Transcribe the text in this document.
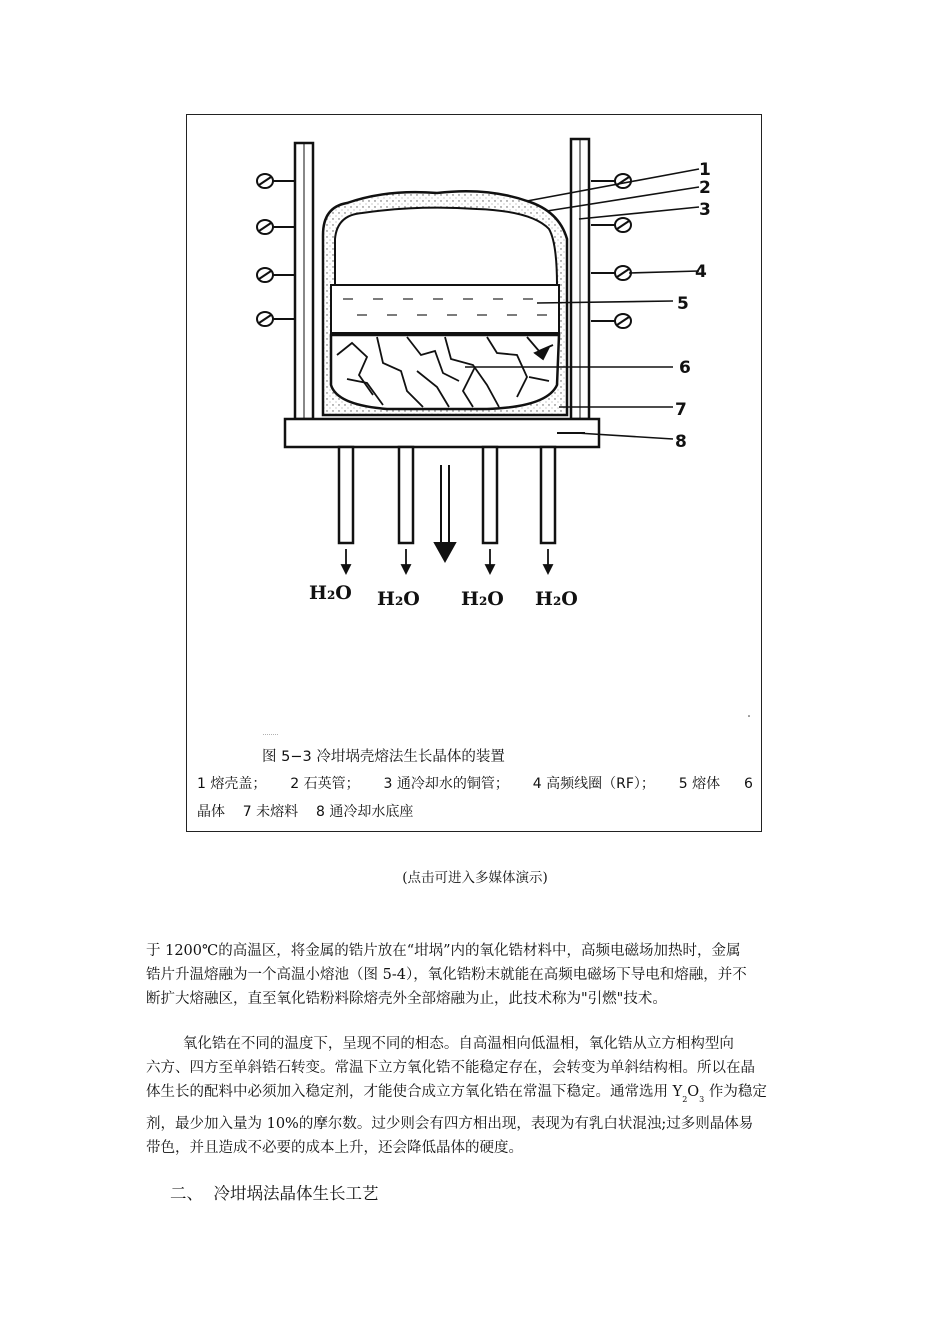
1
2
3
4
5
6
7
8
H₂O H₂O H₂O H₂O
图 5−3 冷坩埚壳熔法生长晶体的装置
1 熔壳盖； 2 石英管； 3 通冷却水的铜管； 4 高频线圈（RF）； 5 熔体 6
晶体    7 未熔料    8 通冷却水底座
(点击可进入多媒体演示)
于 1200℃的高温区，将金属的锆片放在“坩埚”内的氧化锆材料中，高频电磁场加热时，金属
锆片升温熔融为一个高温小熔池（图 5-4），氧化锆粉末就能在高频电磁场下导电和熔融，并不
断扩大熔融区，直至氧化锆粉料除熔壳外全部熔融为止，此技术称为"引燃"技术。
氧化锆在不同的温度下，呈现不同的相态。自高温相向低温相，氧化锆从立方相构型向
六方、四方至单斜锆石转变。常温下立方氧化锆不能稳定存在，会转变为单斜结构相。所以在晶
体生长的配料中必须加入稳定剂，才能使合成立方氧化锆在常温下稳定。通常选用 $Y_2O_3$ 作为稳定
剂，最少加入量为 10%的摩尔数。过少则会有四方相出现，表现为有乳白状混浊;过多则晶体易
带色，并且造成不必要的成本上升，还会降低晶体的硬度。
二、  冷坩埚法晶体生长工艺
